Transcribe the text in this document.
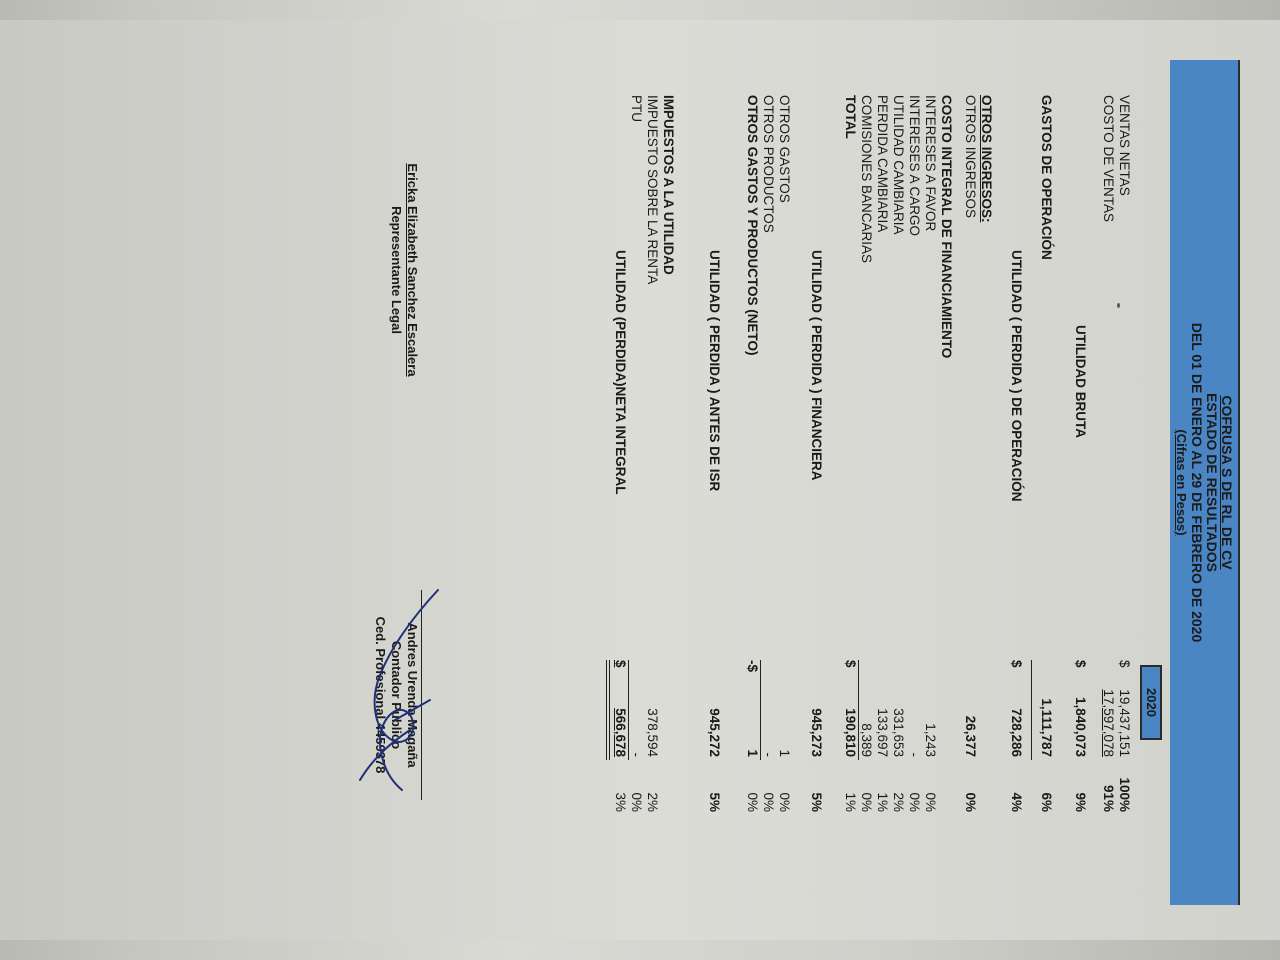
COFRUSA S DE RL DE CV
ESTADO DE RESULTADOS
DEL 01 DE ENERO AL 29 DE FEBRERO DE 2020
(Cifras en Pesos)
2020
VENTAS NETAS
$
19,437,151
100%
COSTO DE VENTAS
17,597,078
91%
UTILIDAD BRUTA
$
1,840,073
9%
GASTOS DE OPERACIÓN
1,111,787
6%
UTILIDAD ( PERDIDA ) DE OPERACIÓN
$
728,286
4%
OTROS INGRESOS:
OTROS INGRESOS
26,377
0%
COSTO INTEGRAL DE FINANCIAMIENTO
INTERESES A FAVOR
1,243
0%
INTERESES A CARGO
-
0%
UTILIDAD CAMBIARIA
331,653
2%
PERDIDA CAMBIARIA
133,697
1%
COMISIONES BANCARIAS
8,389
0%
TOTAL
$
190,810
1%
UTILIDAD ( PERDIDA ) FINANCIERA
945,273
5%
OTROS GASTOS
1
0%
OTROS PRODUCTOS
-
0%
OTROS GASTOS Y PRODUCTOS (NETO)
-$
1
0%
UTILIDAD ( PERDIDA ) ANTES DE ISR
945,272
5%
IMPUESTOS A LA UTILIDAD
IMPUESTO SOBRE LA RENTA
378,594
2%
PTU
-
0%
UTILIDAD (PERDIDA)NETA INTEGRAL
$
566,678
3%
Ericka Elizabeth Sanchez Escalera
Representante Legal
Andres Urenda Magaña
Contador Publico
Ced. Profesional 4459378
